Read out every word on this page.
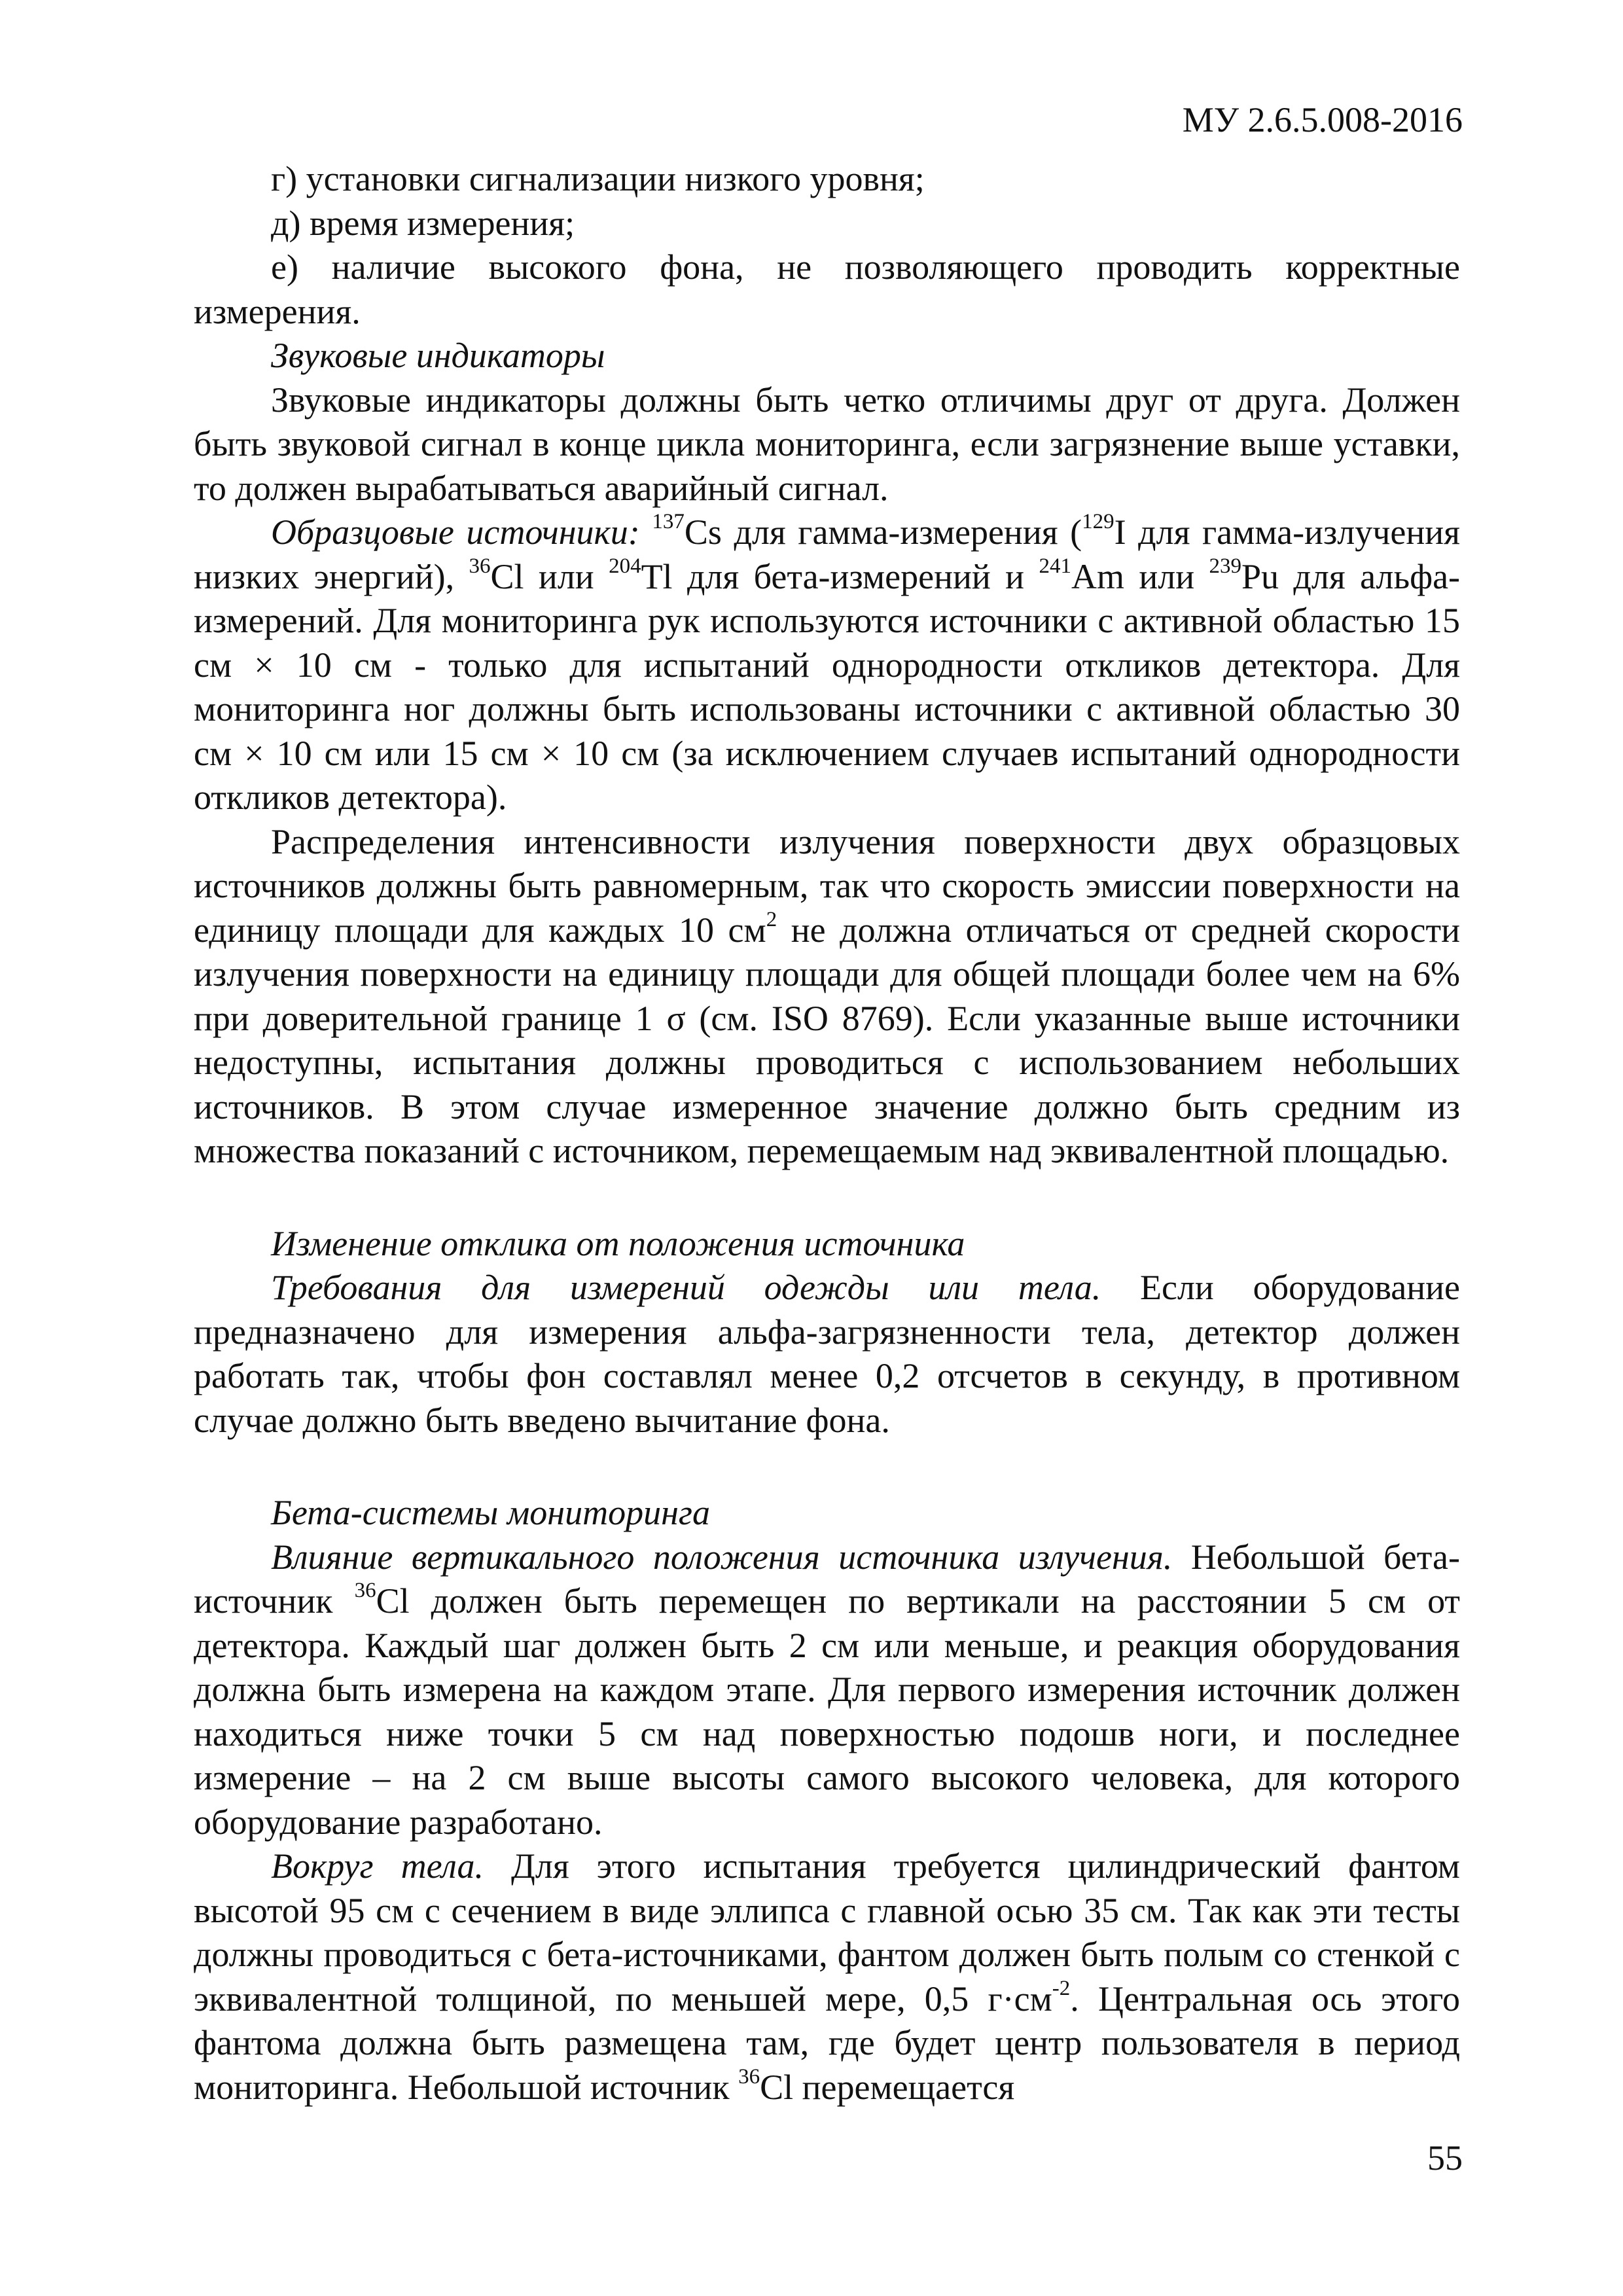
МУ 2.6.5.008-2016

г) установки сигнализации низкого уровня;

д) время измерения;

е) наличие высокого фона, не позволяющего проводить корректные измерения.

Звуковые индикаторы

Звуковые индикаторы должны быть четко отличимы друг от друга. Должен быть звуковой сигнал в конце цикла мониторинга, если загрязнение выше уставки, то должен вырабатываться аварийный сигнал.

Образцовые источники: $^{137}$Cs для гамма-измерения ($^{129}$I для гамма-излучения низких энергий), $^{36}$Cl или $^{204}$Tl для бета-измерений и $^{241}$Am или $^{239}$Pu для альфа-измерений. Для мониторинга рук используются источники с активной областью 15 см × 10 см - только для испытаний однородности откликов детектора. Для мониторинга ног должны быть использованы источники с активной областью 30 см × 10 см или 15 см × 10 см (за исключением случаев испытаний однородности откликов детектора).

Распределения интенсивности излучения поверхности двух образцовых источников должны быть равномерным, так что скорость эмиссии поверхности на единицу площади для каждых 10 $см^2$ не должна отличаться от средней скорости излучения поверхности на единицу площади для общей площади более чем на 6% при доверительной границе 1 σ (см. ISO 8769). Если указанные выше источники недоступны, испытания должны проводиться с использованием небольших источников. В этом случае измеренное значение должно быть средним из множества показаний с источником, перемещаемым над эквивалентной площадью.

Изменение отклика от положения источника

Требования для измерений одежды или тела. Если оборудование предназначено для измерения альфа-загрязненности тела, детектор должен работать так, чтобы фон составлял менее 0,2 отсчетов в секунду, в противном случае должно быть введено вычитание фона.

Бета-системы мониторинга

Влияние вертикального положения источника излучения. Небольшой бета-источник $^{36}$Cl должен быть перемещен по вертикали на расстоянии 5 см от детектора. Каждый шаг должен быть 2 см или меньше, и реакция оборудования должна быть измерена на каждом этапе. Для первого измерения источник должен находиться ниже точки 5 см над поверхностью подошв ноги, и последнее измерение – на 2 см выше высоты самого высокого человека, для которого оборудование разработано.

Вокруг тела. Для этого испытания требуется цилиндрический фантом высотой 95 см с сечением в виде эллипса с главной осью 35 см. Так как эти тесты должны проводиться с бета-источниками, фантом должен быть полым со стенкой с эквивалентной толщиной, по меньшей мере, 0,5 $г\cdot см^{-2}$. Центральная ось этого фантома должна быть размещена там, где будет центр пользователя в период мониторинга. Небольшой источник $^{36}$Cl перемещается

55
